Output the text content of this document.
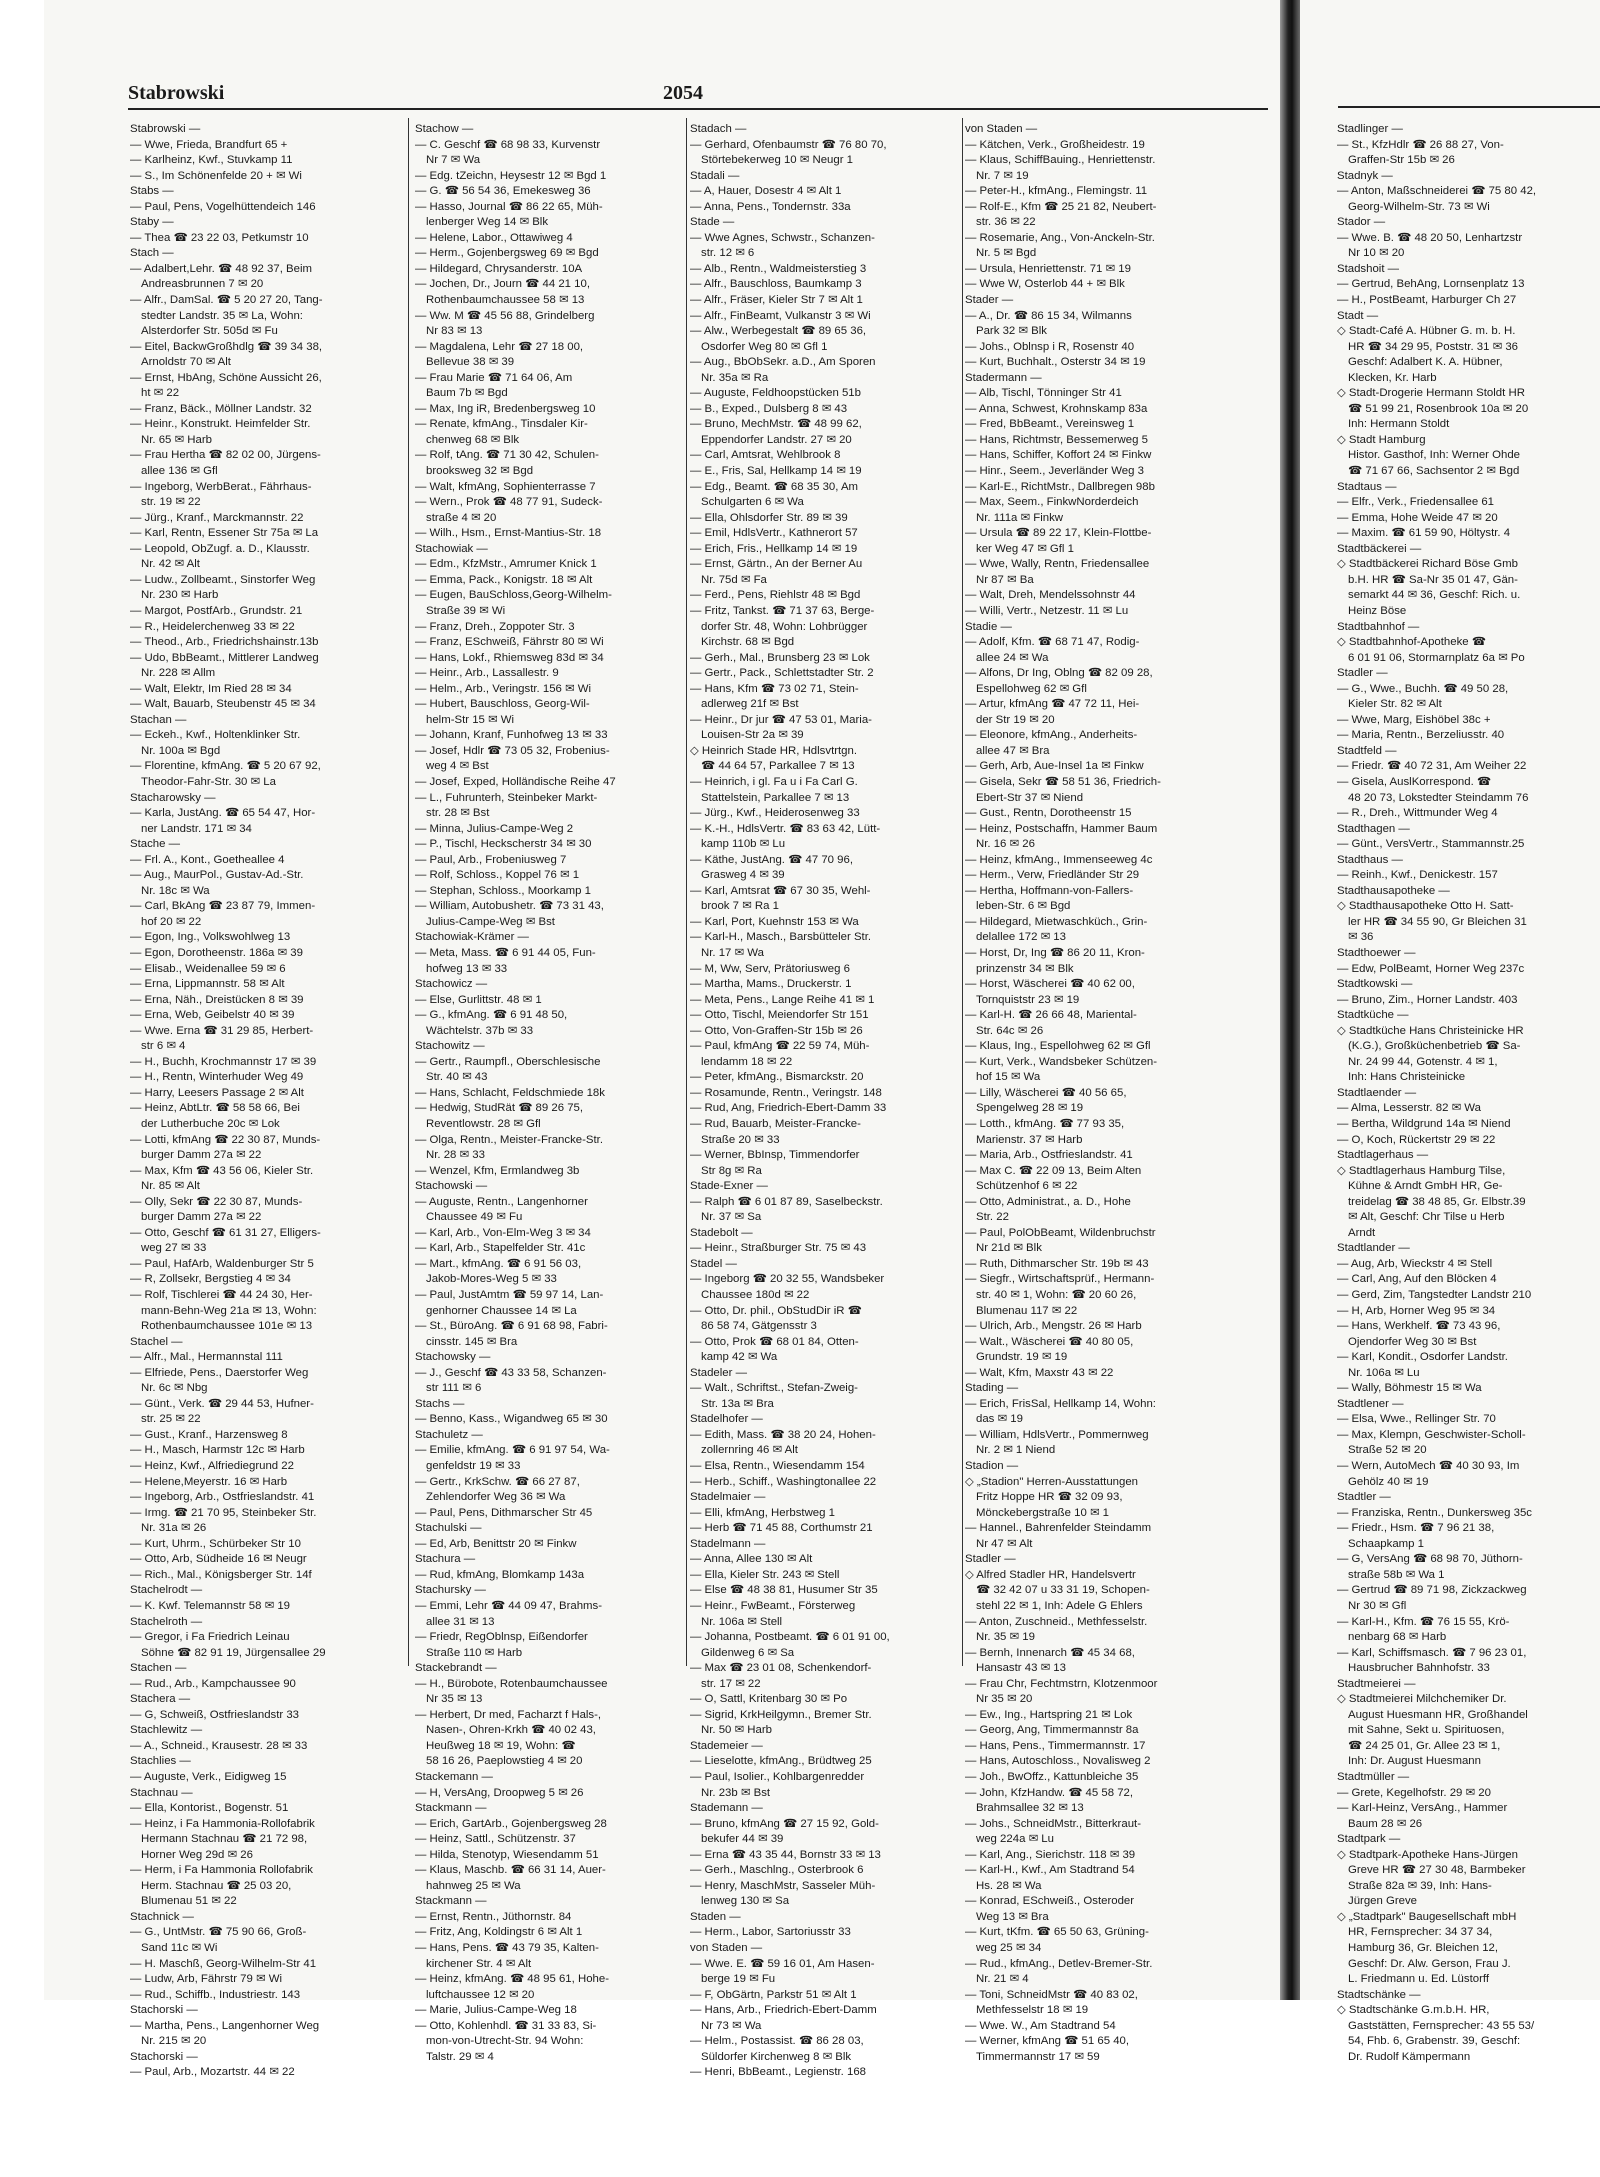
Stabrowski	2054
Stabrowski —
— Wwe, Frieda, Brandfurt 65 +
— Karlheinz, Kwf., Stuvkamp 11
— S., Im Schönenfelde 20 + ✉ Wi
Stabs —
— Paul, Pens, Vogelhüttendeich 146
Staby —
— Thea ☎ 23 22 03, Petkumstr 10
Stach —
— Adalbert,Lehr. ☎ 48 92 37, Beim
Andreasbrunnen 7 ✉ 20
— Alfr., DamSal. ☎ 5 20 27 20, Tang-
stedter Landstr. 35 ✉ La, Wohn:
Alsterdorfer Str. 505d ✉ Fu
— Eitel, BackwGroßhdlg ☎ 39 34 38,
Arnoldstr 70 ✉ Alt
— Ernst, HbAng, Schöne Aussicht 26,
ht ✉ 22
— Franz, Bäck., Möllner Landstr. 32
— Heinr., Konstrukt. Heimfelder Str.
Nr. 65 ✉ Harb
— Frau Hertha ☎ 82 02 00, Jürgens-
allee 136 ✉ Gfl
— Ingeborg, WerbBerat., Fährhaus-
str. 19 ✉ 22
— Jürg., Kranf., Marckmannstr. 22
— Karl, Rentn, Essener Str 75a ✉ La
— Leopold, ObZugf. a. D., Klausstr.
Nr. 42 ✉ Alt
— Ludw., Zollbeamt., Sinstorfer Weg
Nr. 230 ✉ Harb
— Margot, PostfArb., Grundstr. 21
— R., Heidelerchenweg 33 ✉ 22
— Theod., Arb., Friedrichshainstr.13b
— Udo, BbBeamt., Mittlerer Landweg
Nr. 228 ✉ Allm
— Walt, Elektr, Im Ried 28 ✉ 34
— Walt, Bauarb, Steubenstr 45 ✉ 34
Stachan —
— Eckeh., Kwf., Holtenklinker Str.
Nr. 100a ✉ Bgd
— Florentine, kfmAng. ☎ 5 20 67 92,
Theodor-Fahr-Str. 30 ✉ La
Stacharowsky —
— Karla, JustAng. ☎ 65 54 47, Hor-
ner Landstr. 171 ✉ 34
Stache —
— Frl. A., Kont., Goetheallee 4
— Aug., MaurPol., Gustav-Ad.-Str.
Nr. 18c ✉ Wa
— Carl, BkAng ☎ 23 87 79, Immen-
hof 20 ✉ 22
— Egon, Ing., Volkswohlweg 13
— Egon, Dorotheenstr. 186a ✉ 39
— Elisab., Weidenallee 59 ✉ 6
— Erna, Lippmannstr. 58 ✉ Alt
— Erna, Näh., Dreistücken 8 ✉ 39
— Erna, Web, Geibelstr 40 ✉ 39
— Wwe. Erna ☎ 31 29 85, Herbert-
str 6 ✉ 4
— H., Buchh, Krochmannstr 17 ✉ 39
— H., Rentn, Winterhuder Weg 49
— Harry, Leesers Passage 2 ✉ Alt
— Heinz, AbtLtr. ☎ 58 58 66, Bei
der Lutherbuche 20c ✉ Lok
— Lotti, kfmAng ☎ 22 30 87, Munds-
burger Damm 27a ✉ 22
— Max, Kfm ☎ 43 56 06, Kieler Str.
Nr. 85 ✉ Alt
— Olly, Sekr ☎ 22 30 87, Munds-
burger Damm 27a ✉ 22
— Otto, Geschf ☎ 61 31 27, Elligers-
weg 27 ✉ 33
— Paul, HafArb, Waldenburger Str 5
— R, Zollsekr, Bergstieg 4 ✉ 34
— Rolf, Tischlerei ☎ 44 24 30, Her-
mann-Behn-Weg 21a ✉ 13, Wohn:
Rothenbaumchaussee 101e ✉ 13
Stachel —
— Alfr., Mal., Hermannstal 111
— Elfriede, Pens., Daerstorfer Weg
Nr. 6c ✉ Nbg
— Günt., Verk. ☎ 29 44 53, Hufner-
str. 25 ✉ 22
— Gust., Kranf., Harzensweg 8
— H., Masch, Harmstr 12c ✉ Harb
— Heinz, Kwf., Alfriediegrund 22
— Helene,Meyerstr. 16 ✉ Harb
— Ingeborg, Arb., Ostfrieslandstr. 41
— Irmg. ☎ 21 70 95, Steinbeker Str.
Nr. 31a ✉ 26
— Kurt, Uhrm., Schürbeker Str 10
— Otto, Arb, Südheide 16 ✉ Neugr
— Rich., Mal., Königsberger Str. 14f
Stachelrodt —
— K. Kwf. Telemannstr 58 ✉ 19
Stachelroth —
— Gregor, i Fa Friedrich Leinau
Söhne ☎ 82 91 19, Jürgensallee 29
Stachen —
— Rud., Arb., Kampchaussee 90
Stachera —
— G, Schweiß, Ostfrieslandstr 33
Stachlewitz —
— A., Schneid., Krausestr. 28 ✉ 33
Stachlies —
— Auguste, Verk., Eidigweg 15
Stachnau —
— Ella, Kontorist., Bogenstr. 51
— Heinz, i Fa Hammonia-Rollofabrik
Hermann Stachnau ☎ 21 72 98,
Horner Weg 29d ✉ 26
— Herm, i Fa Hammonia Rollofabrik
Herm. Stachnau ☎ 25 03 20,
Blumenau 51 ✉ 22
Stachnick —
— G., UntMstr. ☎ 75 90 66, Groß-
Sand 11c ✉ Wi
— H. Maschß, Georg-Wilhelm-Str 41
— Ludw, Arb, Fährstr 79 ✉ Wi
— Rud., Schiffb., Industriestr. 143
Stachorski —
— Martha, Pens., Langenhorner Weg
Nr. 215 ✉ 20
Stachorski —
— Paul, Arb., Mozartstr. 44 ✉ 22
Stachow —
— C. Geschf ☎ 68 98 33, Kurvenstr
Nr 7 ✉ Wa
— Edg. tZeichn, Heysestr 12 ✉ Bgd 1
— G. ☎ 56 54 36, Emekesweg 36
— Hasso, Journal ☎ 86 22 65, Müh-
lenberger Weg 14 ✉ Blk
— Helene, Labor., Ottawiweg 4
— Herm., Gojenbergsweg 69 ✉ Bgd
— Hildegard, Chrysanderstr. 10A
— Jochen, Dr., Journ ☎ 44 21 10,
Rothenbaumchaussee 58 ✉ 13
— Ww. M ☎ 45 56 88, Grindelberg
Nr 83 ✉ 13
— Magdalena, Lehr ☎ 27 18 00,
Bellevue 38 ✉ 39
— Frau Marie ☎ 71 64 06, Am
Baum 7b ✉ Bgd
— Max, Ing iR, Bredenbergsweg 10
— Renate, kfmAng., Tinsdaler Kir-
chenweg 68 ✉ Blk
— Rolf, tAng. ☎ 71 30 42, Schulen-
brooksweg 32 ✉ Bgd
— Walt, kfmAng, Sophienterrasse 7
— Wern., Prok ☎ 48 77 91, Sudeck-
straße 4 ✉ 20
— Wilh., Hsm., Ernst-Mantius-Str. 18
Stachowiak —
— Edm., KfzMstr., Amrumer Knick 1
— Emma, Pack., Konigstr. 18 ✉ Alt
— Eugen, BauSchloss,Georg-Wilhelm-
Straße 39 ✉ Wi
— Franz, Dreh., Zoppoter Str. 3
— Franz, ESchweiß, Fährstr 80 ✉ Wi
— Hans, Lokf., Rhiemsweg 83d ✉ 34
— Heinr., Arb., Lassallestr. 9
— Helm., Arb., Veringstr. 156 ✉ Wi
— Hubert, Bauschloss, Georg-Wil-
helm-Str 15 ✉ Wi
— Johann, Kranf, Funhofweg 13 ✉ 33
— Josef, Hdlr ☎ 73 05 32, Frobenius-
weg 4 ✉ Bst
— Josef, Exped, Holländische Reihe 47
— L., Fuhrunterh, Steinbeker Markt-
str. 28 ✉ Bst
— Minna, Julius-Campe-Weg 2
— P., Tischl, Heckscherstr 34 ✉ 30
— Paul, Arb., Frobeniusweg 7
— Rolf, Schloss., Koppel 76 ✉ 1
— Stephan, Schloss., Moorkamp 1
— William, Autobushetr. ☎ 73 31 43,
Julius-Campe-Weg ✉ Bst
Stachowiak-Krämer —
— Meta, Mass. ☎ 6 91 44 05, Fun-
hofweg 13 ✉ 33
Stachowicz —
— Else, Gurlittstr. 48 ✉ 1
— G., kfmAng. ☎ 6 91 48 50,
Wächtelstr. 37b ✉ 33
Stachowitz —
— Gertr., Raumpfl., Oberschlesische
Str. 40 ✉ 43
— Hans, Schlacht, Feldschmiede 18k
— Hedwig, StudRät ☎ 89 26 75,
Reventlowstr. 28 ✉ Gfl
— Olga, Rentn., Meister-Francke-Str.
Nr. 28 ✉ 33
— Wenzel, Kfm, Ermlandweg 3b
Stachowski —
— Auguste, Rentn., Langenhorner
Chaussee 49 ✉ Fu
— Karl, Arb., Von-Elm-Weg 3 ✉ 34
— Karl, Arb., Stapelfelder Str. 41c
— Mart., kfmAng. ☎ 6 91 56 03,
Jakob-Mores-Weg 5 ✉ 33
— Paul, JustAmtm ☎ 59 97 14, Lan-
genhorner Chaussee 14 ✉ La
— St., BüroAng. ☎ 6 91 68 98, Fabri-
cinsstr. 145 ✉ Bra
Stachowsky —
— J., Geschf ☎ 43 33 58, Schanzen-
str 111 ✉ 6
Stachs —
— Benno, Kass., Wigandweg 65 ✉ 30
Stachuletz —
— Emilie, kfmAng. ☎ 6 91 97 54, Wa-
genfeldstr 19 ✉ 33
— Gertr., KrkSchw. ☎ 66 27 87,
Zehlendorfer Weg 36 ✉ Wa
— Paul, Pens, Dithmarscher Str 45
Stachulski —
— Ed, Arb, Benittstr 20 ✉ Finkw
Stachura —
— Rud, kfmAng, Blomkamp 143a
Stachursky —
— Emmi, Lehr ☎ 44 09 47, Brahms-
allee 31 ✉ 13
— Friedr, RegOblnsp, Eißendorfer
Straße 110 ✉ Harb
Stackebrandt —
— H., Bürobote, Rotenbaumchaussee
Nr 35 ✉ 13
— Herbert, Dr med, Facharzt f Hals-,
Nasen-, Ohren-Krkh ☎ 40 02 43,
Heußweg 18 ✉ 19, Wohn: ☎
58 16 26, Paeplowstieg 4 ✉ 20
Stackemann —
— H, VersAng, Droopweg 5 ✉ 26
Stackmann —
— Erich, GartArb., Gojenbergsweg 28
— Heinz, Sattl., Schützenstr. 37
— Hilda, Stenotyp, Wiesendamm 51
— Klaus, Maschb. ☎ 66 31 14, Auer-
hahnweg 25 ✉ Wa
Stackmann —
— Ernst, Rentn., Jüthornstr. 84
— Fritz, Ang, Koldingstr 6 ✉ Alt 1
— Hans, Pens. ☎ 43 79 35, Kalten-
kirchener Str. 4 ✉ Alt
— Heinz, kfmAng. ☎ 48 95 61, Hohe-
luftchaussee 12 ✉ 20
— Marie, Julius-Campe-Weg 18
— Otto, Kohlenhdl. ☎ 31 33 83, Si-
mon-von-Utrecht-Str. 94 Wohn:
Talstr. 29 ✉ 4
Stadach —
— Gerhard, Ofenbaumstr ☎ 76 80 70,
Störtebekerweg 10 ✉ Neugr 1
Stadali —
— A, Hauer, Dosestr 4 ✉ Alt 1
— Anna, Pens., Tondernstr. 33a
Stade —
— Wwe Agnes, Schwstr., Schanzen-
str. 12 ✉ 6
— Alb., Rentn., Waldmeisterstieg 3
— Alfr., Bauschloss, Baumkamp 3
— Alfr., Fräser, Kieler Str 7 ✉ Alt 1
— Alfr., FinBeamt, Vulkanstr 3 ✉ Wi
— Alw., Werbegestalt ☎ 89 65 36,
Osdorfer Weg 80 ✉ Gfl 1
— Aug., BbObSekr. a.D., Am Sporen
Nr. 35a ✉ Ra
— Auguste, Feldhoopstücken 51b
— B., Exped., Dulsberg 8 ✉ 43
— Bruno, MechMstr. ☎ 48 99 62,
Eppendorfer Landstr. 27 ✉ 20
— Carl, Amtsrat, Wehlbrook 8
— E., Fris, Sal, Hellkamp 14 ✉ 19
— Edg., Beamt. ☎ 68 35 30, Am
Schulgarten 6 ✉ Wa
— Ella, Ohlsdorfer Str. 89 ✉ 39
— Emil, HdlsVertr., Kathnerort 57
— Erich, Fris., Hellkamp 14 ✉ 19
— Ernst, Gärtn., An der Berner Au
Nr. 75d ✉ Fa
— Ferd., Pens, Riehlstr 48 ✉ Bgd
— Fritz, Tankst. ☎ 71 37 63, Berge-
dorfer Str. 48, Wohn: Lohbrügger
Kirchstr. 68 ✉ Bgd
— Gerh., Mal., Brunsberg 23 ✉ Lok
— Gertr., Pack., Schlettstadter Str. 2
— Hans, Kfm ☎ 73 02 71, Stein-
adlerweg 21f ✉ Bst
— Heinr., Dr jur ☎ 47 53 01, Maria-
Louisen-Str 2a ✉ 39
◇ Heinrich Stade HR, Hdlsvtrtgn.
☎ 44 64 57, Parkallee 7 ✉ 13
— Heinrich, i gl. Fa u i Fa Carl G.
Stattelstein, Parkallee 7 ✉ 13
— Jürg., Kwf., Heiderosenweg 33
— K.-H., HdlsVertr. ☎ 83 63 42, Lütt-
kamp 110b ✉ Lu
— Käthe, JustAng. ☎ 47 70 96,
Grasweg 4 ✉ 39
— Karl, Amtsrat ☎ 67 30 35, Wehl-
brook 7 ✉ Ra 1
— Karl, Port, Kuehnstr 153 ✉ Wa
— Karl-H., Masch., Barsbütteler Str.
Nr. 17 ✉ Wa
— M, Ww, Serv, Prätoriusweg 6
— Martha, Mams., Druckerstr. 1
— Meta, Pens., Lange Reihe 41 ✉ 1
— Otto, Tischl, Meiendorfer Str 151
— Otto, Von-Graffen-Str 15b ✉ 26
— Paul, kfmAng ☎ 22 59 74, Müh-
lendamm 18 ✉ 22
— Peter, kfmAng., Bismarckstr. 20
— Rosamunde, Rentn., Veringstr. 148
— Rud, Ang, Friedrich-Ebert-Damm 33
— Rud, Bauarb, Meister-Francke-
Straße 20 ✉ 33
— Werner, BbInsp, Timmendorfer
Str 8g ✉ Ra
Stade-Exner —
— Ralph ☎ 6 01 87 89, Saselbeckstr.
Nr. 37 ✉ Sa
Stadebolt —
— Heinr., Straßburger Str. 75 ✉ 43
Stadel —
— Ingeborg ☎ 20 32 55, Wandsbeker
Chaussee 180d ✉ 22
— Otto, Dr. phil., ObStudDir iR ☎
86 58 74, Gätgensstr 3
— Otto, Prok ☎ 68 01 84, Otten-
kamp 42 ✉ Wa
Stadeler —
— Walt., Schriftst., Stefan-Zweig-
Str. 13a ✉ Bra
Stadelhofer —
— Edith, Mass. ☎ 38 20 24, Hohen-
zollernring 46 ✉ Alt
— Elsa, Rentn., Wiesendamm 154
— Herb., Schiff., Washingtonallee 22
Stadelmaier —
— Elli, kfmAng, Herbstweg 1
— Herb ☎ 71 45 88, Corthumstr 21
Stadelmann —
— Anna, Allee 130 ✉ Alt
— Ella, Kieler Str. 243 ✉ Stell
— Else ☎ 48 38 81, Husumer Str 35
— Heinr., FwBeamt., Försterweg
Nr. 106a ✉ Stell
— Johanna, Postbeamt. ☎ 6 01 91 00,
Gildenweg 6 ✉ Sa
— Max ☎ 23 01 08, Schenkendorf-
str. 17 ✉ 22
— O, Sattl, Kritenbarg 30 ✉ Po
— Sigrid, KrkHeilgymn., Bremer Str.
Nr. 50 ✉ Harb
Stademeier —
— Lieselotte, kfmAng., Brüdtweg 25
— Paul, Isolier., Kohlbargenredder
Nr. 23b ✉ Bst
Stademann —
— Bruno, kfmAng ☎ 27 15 92, Gold-
bekufer 44 ✉ 39
— Erna ☎ 43 35 44, Bornstr 33 ✉ 13
— Gerh., Maschlng., Osterbrook 6
— Henry, MaschMstr, Sasseler Müh-
lenweg 130 ✉ Sa
Staden —
— Herm., Labor, Sartoriusstr 33
von Staden —
— Wwe. E. ☎ 59 16 01, Am Hasen-
berge 19 ✉ Fu
— F, ObGärtn, Parkstr 51 ✉ Alt 1
— Hans, Arb., Friedrich-Ebert-Damm
Nr 73 ✉ Wa
— Helm., Postassist. ☎ 86 28 03,
Süldorfer Kirchenweg 8 ✉ Blk
— Henri, BbBeamt., Legienstr. 168
von Staden —
— Kätchen, Verk., Großheidestr. 19
— Klaus, SchiffBauing., Henriettenstr.
Nr. 7 ✉ 19
— Peter-H., kfmAng., Flemingstr. 11
— Rolf-E., Kfm ☎ 25 21 82, Neubert-
str. 36 ✉ 22
— Rosemarie, Ang., Von-Anckeln-Str.
Nr. 5 ✉ Bgd
— Ursula, Henriettenstr. 71 ✉ 19
— Wwe W, Osterlob 44 + ✉ Blk
Stader —
— A., Dr. ☎ 86 15 34, Wilmanns
Park 32 ✉ Blk
— Johs., Oblnsp i R, Rosenstr 40
— Kurt, Buchhalt., Osterstr 34 ✉ 19
Stadermann —
— Alb, Tischl, Tönninger Str 41
— Anna, Schwest, Krohnskamp 83a
— Fred, BbBeamt., Vereinsweg 1
— Hans, Richtmstr, Bessemerweg 5
— Hans, Schiffer, Koffort 24 ✉ Finkw
— Hinr., Seem., Jeverländer Weg 3
— Karl-E., RichtMstr., Dallbregen 98b
— Max, Seem., FinkwNorderdeich
Nr. 111a ✉ Finkw
— Ursula ☎ 89 22 17, Klein-Flottbe-
ker Weg 47 ✉ Gfl 1
— Wwe, Wally, Rentn, Friedensallee
Nr 87 ✉ Ba
— Walt, Dreh, Mendelssohnstr 44
— Willi, Vertr., Netzestr. 11 ✉ Lu
Stadie —
— Adolf, Kfm. ☎ 68 71 47, Rodig-
allee 24 ✉ Wa
— Alfons, Dr Ing, Oblng ☎ 82 09 28,
Espellohweg 62 ✉ Gfl
— Artur, kfmAng ☎ 47 72 11, Hei-
der Str 19 ✉ 20
— Eleonore, kfmAng., Anderheits-
allee 47 ✉ Bra
— Gerh, Arb, Aue-Insel 1a ✉ Finkw
— Gisela, Sekr ☎ 58 51 36, Friedrich-
Ebert-Str 37 ✉ Niend
— Gust., Rentn, Dorotheenstr 15
— Heinz, Postschaffn, Hammer Baum
Nr. 16 ✉ 26
— Heinz, kfmAng., Immenseeweg 4c
— Herm., Verw, Friedländer Str 29
— Hertha, Hoffmann-von-Fallers-
leben-Str. 6 ✉ Bgd
— Hildegard, Mietwaschküch., Grin-
delallee 172 ✉ 13
— Horst, Dr, Ing ☎ 86 20 11, Kron-
prinzenstr 34 ✉ Blk
— Horst, Wäscherei ☎ 40 62 00,
Tornquiststr 23 ✉ 19
— Karl-H. ☎ 26 66 48, Mariental-
Str. 64c ✉ 26
— Klaus, Ing., Espellohweg 62 ✉ Gfl
— Kurt, Verk., Wandsbeker Schützen-
hof 15 ✉ Wa
— Lilly, Wäscherei ☎ 40 56 65,
Spengelweg 28 ✉ 19
— Lotth., kfmAng. ☎ 77 93 35,
Marienstr. 37 ✉ Harb
— Maria, Arb., Ostfrieslandstr. 41
— Max C. ☎ 22 09 13, Beim Alten
Schützenhof 6 ✉ 22
— Otto, Administrat., a. D., Hohe
Str. 22
— Paul, PolObBeamt, Wildenbruchstr
Nr 21d ✉ Blk
— Ruth, Dithmarscher Str. 19b ✉ 43
— Siegfr., Wirtschaftsprüf., Hermann-
str. 40 ✉ 1, Wohn: ☎ 20 60 26,
Blumenau 117 ✉ 22
— Ulrich, Arb., Mengstr. 26 ✉ Harb
— Walt., Wäscherei ☎ 40 80 05,
Grundstr. 19 ✉ 19
— Walt, Kfm, Maxstr 43 ✉ 22
Stading —
— Erich, FrisSal, Hellkamp 14, Wohn:
das ✉ 19
— William, HdlsVertr., Pommernweg
Nr. 2 ✉ 1 Niend
Stadion —
◇ „Stadion" Herren-Ausstattungen
Fritz Hoppe HR ☎ 32 09 93,
Mönckebergstraße 10 ✉ 1
— Hannel., Bahrenfelder Steindamm
Nr 47 ✉ Alt
Stadler —
◇ Alfred Stadler HR, Handelsvertr
☎ 32 42 07 u 33 31 19, Schopen-
stehl 22 ✉ 1, Inh: Adele G Ehlers
— Anton, Zuschneid., Methfesselstr.
Nr. 35 ✉ 19
— Bernh, Innenarch ☎ 45 34 68,
Hansastr 43 ✉ 13
— Frau Chr, Fechtmstrn, Klotzenmoor
Nr 35 ✉ 20
— Ew., Ing., Hartspring 21 ✉ Lok
— Georg, Ang, Timmermannstr 8a
— Hans, Pens., Timmermannstr. 17
— Hans, Autoschloss., Novalisweg 2
— Joh., BwOffz., Kattunbleiche 35
— John, KfzHandw. ☎ 45 58 72,
Brahmsallee 32 ✉ 13
— Johs., SchneidMstr., Bitterkraut-
weg 224a ✉ Lu
— Karl, Ang., Sierichstr. 118 ✉ 39
— Karl-H., Kwf., Am Stadtrand 54
Hs. 28 ✉ Wa
— Konrad, ESchweiß., Osteroder
Weg 13 ✉ Bra
— Kurt, tKfm. ☎ 65 50 63, Grüning-
weg 25 ✉ 34
— Rud., kfmAng., Detlev-Bremer-Str.
Nr. 21 ✉ 4
— Toni, SchneidMstr ☎ 40 83 02,
Methfesselstr 18 ✉ 19
— Wwe. W., Am Stadtrand 54
— Werner, kfmAng ☎ 51 65 40,
Timmermannstr 17 ✉ 59
Stadlinger —
— St., KfzHdlr ☎ 26 88 27, Von-
Graffen-Str 15b ✉ 26
Stadnyk —
— Anton, Maßschneiderei ☎ 75 80 42,
Georg-Wilhelm-Str. 73 ✉ Wi
Stador —
— Wwe. B. ☎ 48 20 50, Lenhartzstr
Nr 10 ✉ 20
Stadshoit —
— Gertrud, BehAng, Lornsenplatz 13
— H., PostBeamt, Harburger Ch 27
Stadt —
◇ Stadt-Café A. Hübner G. m. b. H.
HR ☎ 34 29 95, Poststr. 31 ✉ 36
Geschf: Adalbert K. A. Hübner,
Klecken, Kr. Harb
◇ Stadt-Drogerie Hermann Stoldt HR
☎ 51 99 21, Rosenbrook 10a ✉ 20
Inh: Hermann Stoldt
◇ Stadt Hamburg
Histor. Gasthof, Inh: Werner Ohde
☎ 71 67 66, Sachsentor 2 ✉ Bgd
Stadtaus —
— Elfr., Verk., Friedensallee 61
— Emma, Hohe Weide 47 ✉ 20
— Maxim. ☎ 61 59 90, Höltystr. 4
Stadtbäckerei —
◇ Stadtbäckerei Richard Böse Gmb
b.H. HR ☎ Sa-Nr 35 01 47, Gän-
semarkt 44 ✉ 36, Geschf: Rich. u.
Heinz Böse
Stadtbahnhof —
◇ Stadtbahnhof-Apotheke ☎
6 01 91 06, Stormarnplatz 6a ✉ Po
Stadler —
— G., Wwe., Buchh. ☎ 49 50 28,
Kieler Str. 82 ✉ Alt
— Wwe, Marg, Eishöbel 38c +
— Maria, Rentn., Berzeliusstr. 40
Stadtfeld —
— Friedr. ☎ 40 72 31, Am Weiher 22
— Gisela, AuslKorrespond. ☎
48 20 73, Lokstedter Steindamm 76
— R., Dreh., Wittmunder Weg 4
Stadthagen —
— Günt., VersVertr., Stammannstr.25
Stadthaus —
— Reinh., Kwf., Denickestr. 157
Stadthausapotheke —
◇ Stadthausapotheke Otto H. Satt-
ler HR ☎ 34 55 90, Gr Bleichen 31
✉ 36
Stadthoewer —
— Edw, PolBeamt, Horner Weg 237c
Stadtkowski —
— Bruno, Zim., Horner Landstr. 403
Stadtküche —
◇ Stadtküche Hans Christeinicke HR
(K.G.), Großküchenbetrieb ☎ Sa-
Nr. 24 99 44, Gotenstr. 4 ✉ 1,
Inh: Hans Christeinicke
Stadtlaender —
— Alma, Lesserstr. 82 ✉ Wa
— Bertha, Wildgrund 14a ✉ Niend
— O, Koch, Rückertstr 29 ✉ 22
Stadtlagerhaus —
◇ Stadtlagerhaus Hamburg Tilse,
Kühne & Arndt GmbH HR, Ge-
treidelag ☎ 38 48 85, Gr. Elbstr.39
✉ Alt, Geschf: Chr Tilse u Herb
Arndt
Stadtlander —
— Aug, Arb, Wieckstr 4 ✉ Stell
— Carl, Ang, Auf den Blöcken 4
— Gerd, Zim, Tangstedter Landstr 210
— H, Arb, Horner Weg 95 ✉ 34
— Hans, Werkhelf. ☎ 73 43 96,
Ojendorfer Weg 30 ✉ Bst
— Karl, Kondit., Osdorfer Landstr.
Nr. 106a ✉ Lu
— Wally, Böhmestr 15 ✉ Wa
Stadtlener —
— Elsa, Wwe., Rellinger Str. 70
— Max, Klempn, Geschwister-Scholl-
Straße 52 ✉ 20
— Wern, AutoMech ☎ 40 30 93, Im
Gehölz 40 ✉ 19
Stadtler —
— Franziska, Rentn., Dunkersweg 35c
— Friedr., Hsm. ☎ 7 96 21 38,
Schaapkamp 1
— G, VersAng ☎ 68 98 70, Jüthorn-
straße 58b ✉ Wa 1
— Gertrud ☎ 89 71 98, Zickzackweg
Nr 30 ✉ Gfl
— Karl-H., Kfm. ☎ 76 15 55, Krö-
nenbarg 68 ✉ Harb
— Karl, Schiffsmasch. ☎ 7 96 23 01,
Hausbrucher Bahnhofstr. 33
Stadtmeierei —
◇ Stadtmeierei Milchchemiker Dr.
August Huesmann HR, Großhandel
mit Sahne, Sekt u. Spirituosen,
☎ 24 25 01, Gr. Allee 23 ✉ 1,
Inh: Dr. August Huesmann
Stadtmüller —
— Grete, Kegelhofstr. 29 ✉ 20
— Karl-Heinz, VersAng., Hammer
Baum 28 ✉ 26
Stadtpark —
◇ Stadtpark-Apotheke Hans-Jürgen
Greve HR ☎ 27 30 48, Barmbeker
Straße 82a ✉ 39, Inh: Hans-
Jürgen Greve
◇ „Stadtpark" Baugesellschaft mbH
HR, Fernsprecher: 34 37 34,
Hamburg 36, Gr. Bleichen 12,
Geschf: Dr. Alw. Gerson, Frau J.
L. Friedmann u. Ed. Lüstorff
Stadtschänke —
◇ Stadtschänke G.m.b.H. HR,
Gaststätten, Fernsprecher: 43 55 53/
54, Fhb. 6, Grabenstr. 39, Geschf:
Dr. Rudolf Kämpermann
